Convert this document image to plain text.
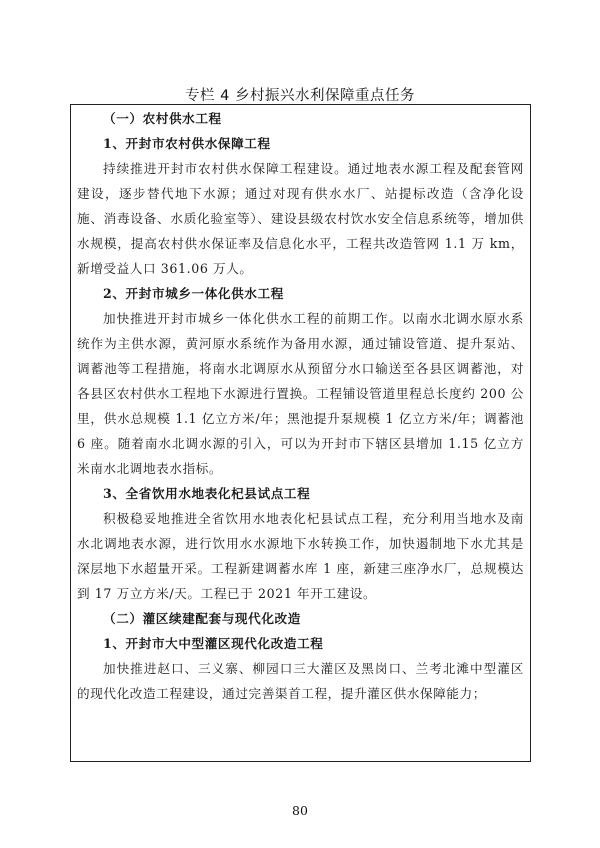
专栏 4 乡村振兴水利保障重点任务

（一）农村供水工程

1、开封市农村供水保障工程

持续推进开封市农村供水保障工程建设。通过地表水源工程及配套管网建设，逐步替代地下水源；通过对现有供水水厂、站提标改造（含净化设施、消毒设备、水质化验室等）、建设县级农村饮水安全信息系统等，增加供水规模，提高农村供水保证率及信息化水平，工程共改造管网 1.1 万 km，新增受益人口 361.06 万人。

2、开封市城乡一体化供水工程

加快推进开封市城乡一体化供水工程的前期工作。以南水北调水原水系统作为主供水源，黄河原水系统作为备用水源，通过铺设管道、提升泵站、调蓄池等工程措施，将南水北调原水从预留分水口输送至各县区调蓄池，对各县区农村供水工程地下水源进行置换。工程铺设管道里程总长度约 200 公里，供水总规模 1.1 亿立方米/年；黑池提升泵规模 1 亿立方米/年；调蓄池 6 座。随着南水北调水源的引入，可以为开封市下辖区县增加 1.15 亿立方米南水北调地表水指标。

3、全省饮用水地表化杞县试点工程

积极稳妥地推进全省饮用水地表化杞县试点工程，充分利用当地水及南水北调地表水源，进行饮用水水源地下水转换工作，加快遏制地下水尤其是深层地下水超量开采。工程新建调蓄水库 1 座，新建三座净水厂，总规模达到 17 万立方米/天。工程已于 2021 年开工建设。

（二）灌区续建配套与现代化改造

1、开封市大中型灌区现代化改造工程

加快推进赵口、三义寨、柳园口三大灌区及黑岗口、兰考北滩中型灌区的现代化改造工程建设，通过完善渠首工程，提升灌区供水保障能力；

80
